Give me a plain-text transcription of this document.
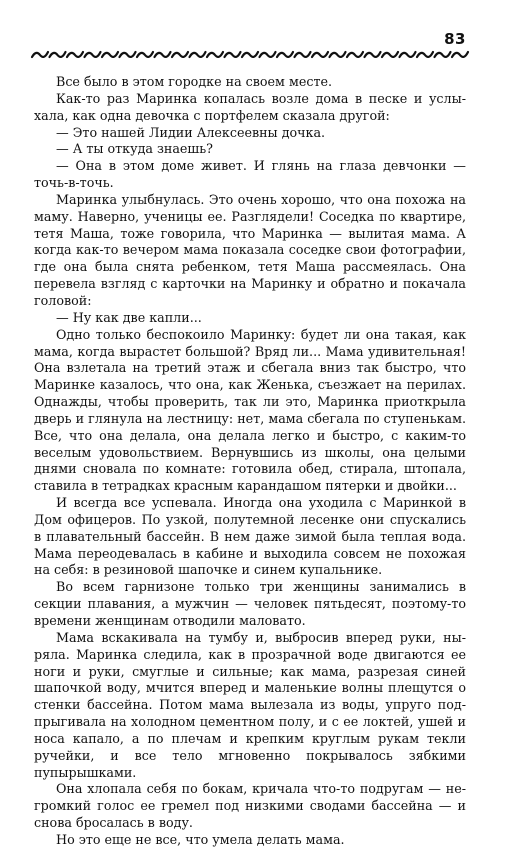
83

Все было в этом городке на своем месте.

Как-то раз Маринка копалась возле дома в песке и услыхала, как одна девочка с портфелем сказала другой:

— Это нашей Лидии Алексеевны дочка.

— А ты откуда знаешь?

— Она в этом доме живет. И глянь на глаза девчонки — точь-в-точь.

Маринка улыбнулась. Это очень хорошо, что она похожа на маму. Наверно, ученицы ее. Разглядели! Соседка по квартире, тетя Маша, тоже говорила, что Маринка — вылитая мама. А когда как-то вечером мама показала соседке свои фотографии, где она была снята ребенком, тетя Маша рассмеялась. Она перевела взгляд с карточки на Маринку и обратно и покачала головой:

— Ну как две капли...

Одно только беспокоило Маринку: будет ли она такая, как мама, когда вырастет большой? Вряд ли... Мама удивительная! Она взлетала на третий этаж и сбегала вниз так быстро, что Маринке казалось, что она, как Женька, съезжает на перилах. Однажды, чтобы проверить, так ли это, Маринка приоткрыла дверь и глянула на лестницу: нет, мама сбегала по ступенькам. Все, что она делала, она делала легко и быстро, с каким-то веселым удовольствием. Вернувшись из школы, она целыми днями сновала по комнате: готовила обед, стирала, штопала, ставила в тетрадках красным карандашом пятерки и двойки...

И всегда все успевала. Иногда она уходила с Маринкой в Дом офицеров. По узкой, полутемной лесенке они спускались в плавательный бассейн. В нем даже зимой была теплая вода. Мама переодевалась в кабине и выходила совсем не похожая на себя: в резиновой шапочке и синем купальнике.

Во всем гарнизоне только три женщины занимались в секции плавания, а мужчин — человек пятьдесят, поэтому-то времени женщинам отводили маловато.

Мама вскакивала на тумбу и, выбросив вперед руки, ныряла. Маринка следила, как в прозрачной воде двигаются ее ноги и руки, смуглые и сильные; как мама, разрезая синей шапочкой воду, мчится вперед и маленькие волны плещутся о стенки бассейна. Потом мама вылезала из воды, упруго подпрыгивала на холодном цементном полу, и с ее локтей, ушей и носа капало, а по плечам и крепким круглым рукам текли ручейки, и все тело мгновенно покрывалось зябкими пупырышками.

Она хлопала себя по бокам, кричала что-то подругам — негромкий голос ее гремел под низкими сводами бассейна — и снова бросалась в воду.

Но это еще не все, что умела делать мама.
